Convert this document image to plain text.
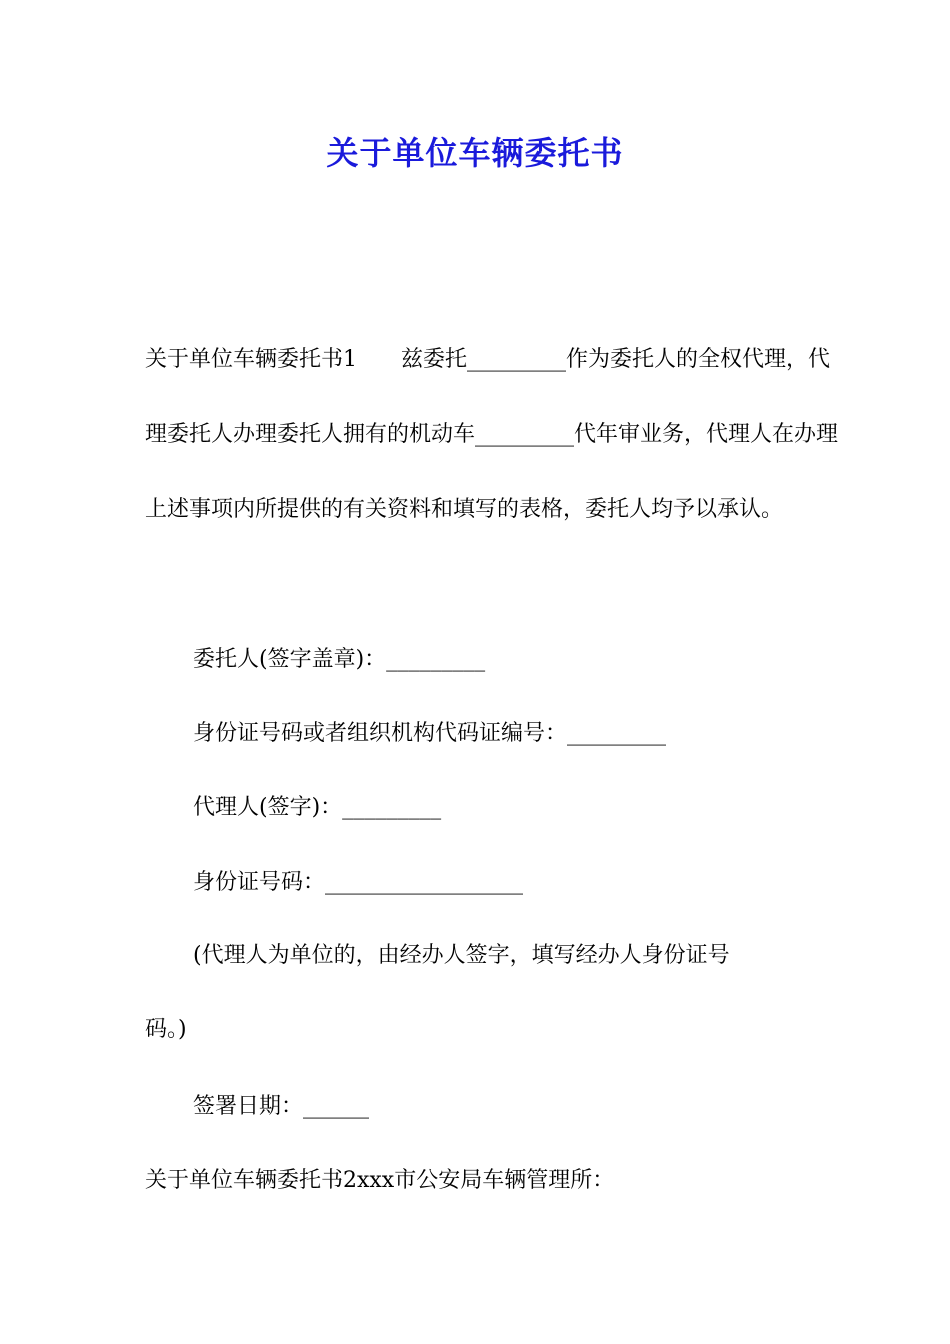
关于单位车辆委托书

关于单位车辆委托书1　　兹委托_________作为委托人的全权代理，代理委托人办理委托人拥有的机动车_________代年审业务，代理人在办理上述事项内所提供的有关资料和填写的表格，委托人均予以承认。

委托人(签字盖章)：_________

身份证号码或者组织机构代码证编号：_________

代理人(签字)：_________

身份证号码：__________________

(代理人为单位的，由经办人签字，填写经办人身份证号

码。)

签署日期：______

关于单位车辆委托书2xxx市公安局车辆管理所：
